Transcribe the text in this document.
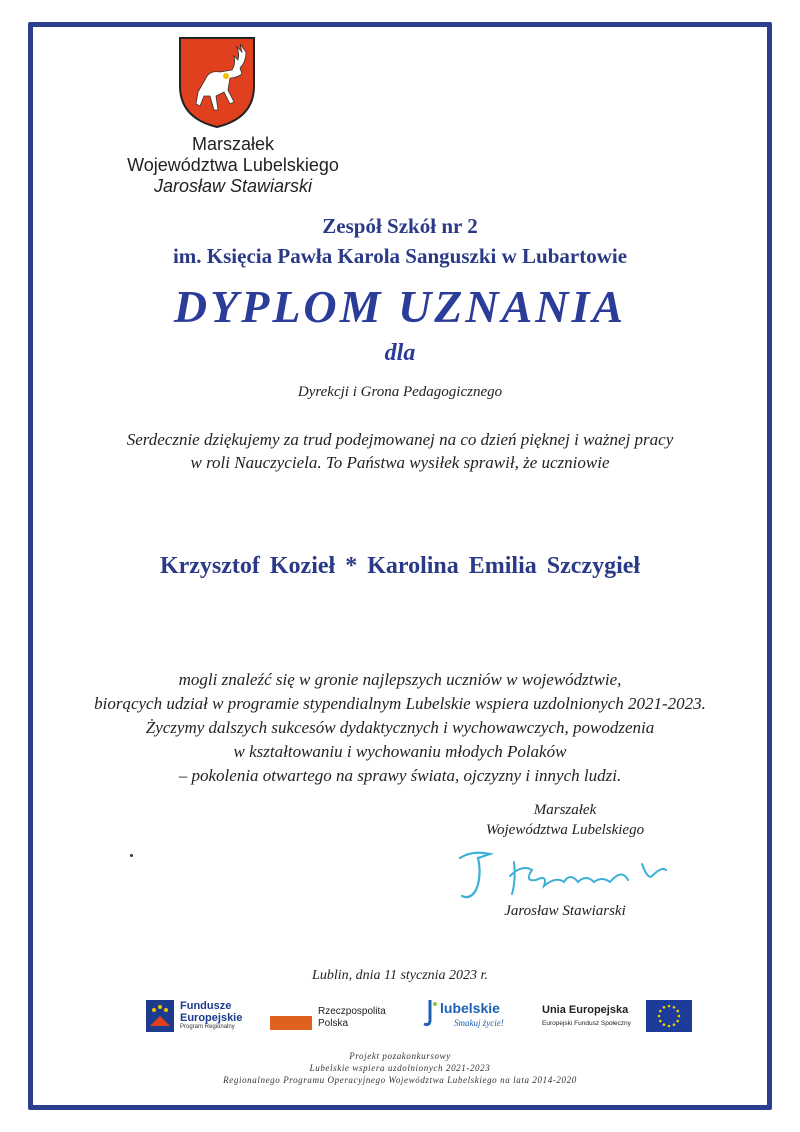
Marszałek
Województwa Lubelskiego
Jarosław Stawiarski
Zespół Szkół nr 2
im. Księcia Pawła Karola Sanguszki w Lubartowie
DYPLOM UZNANIA
dla
Dyrekcji i Grona Pedagogicznego
Serdecznie dziękujemy za trud podejmowanej na co dzień pięknej i ważnej pracy
w roli Nauczyciela. To Państwa wysiłek sprawił, że uczniowie
Krzysztof Kozieł * Karolina Emilia Szczygieł
mogli znaleźć się w gronie najlepszych uczniów w województwie,
biorących udział w programie stypendialnym Lubelskie wspiera uzdolnionych 2021-2023.
Życzymy dalszych sukcesów dydaktycznych i wychowawczych, powodzenia
w kształtowaniu i wychowaniu młodych Polaków
– pokolenia otwartego na sprawy świata, ojczyzny i innych ludzi.
Marszałek
Województwa Lubelskiego
Jarosław Stawiarski
Lublin, dnia 11 stycznia 2023 r.
Fundusze
Europejskie
Program Regionalny
Rzeczpospolita
Polska
lubelskie
Smakuj życie!
Unia Europejska
Europejski Fundusz Społeczny
Projekt pozakonkursowy
Lubelskie wspiera uzdolnionych 2021-2023
Regionalnego Programu Operacyjnego Województwa Lubelskiego na lata 2014-2020
